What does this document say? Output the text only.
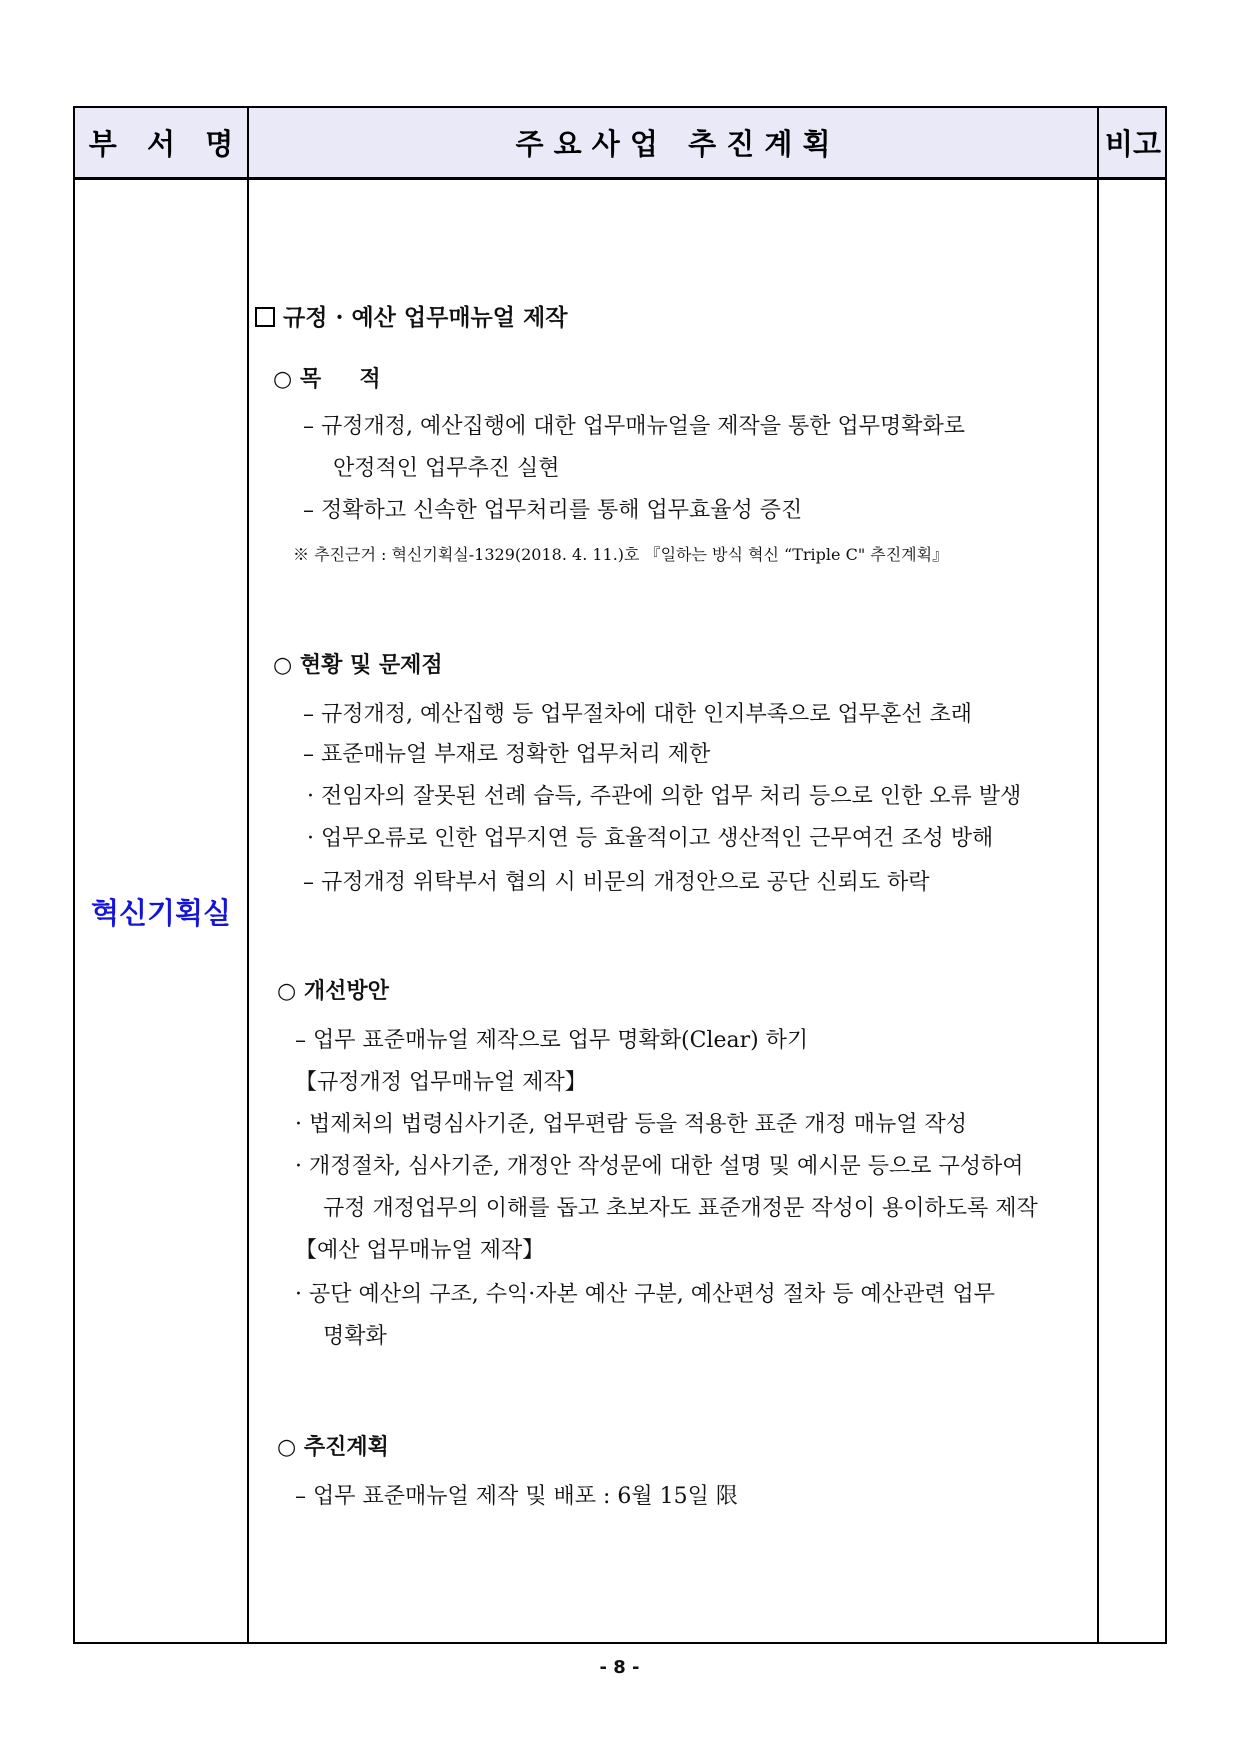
부   서   명	주 요 사 업   추 진 계 획	비고
혁신기획실
규정 · 예산 업무매뉴얼 제작
○ 목     적
– 규정개정, 예산집행에 대한 업무매뉴얼을 제작을 통한 업무명확화로
안정적인 업무추진 실현
– 정확하고 신속한 업무처리를 통해 업무효율성 증진
※ 추진근거 : 혁신기획실-1329(2018. 4. 11.)호 『일하는 방식 혁신 “Triple C" 추진계획』
○ 현황 및 문제점
– 규정개정, 예산집행 등 업무절차에 대한 인지부족으로 업무혼선 초래
– 표준매뉴얼 부재로 정확한 업무처리 제한
· 전임자의 잘못된 선례 습득, 주관에 의한 업무 처리 등으로 인한 오류 발생
· 업무오류로 인한 업무지연 등 효율적이고 생산적인 근무여건 조성 방해
– 규정개정 위탁부서 협의 시 비문의 개정안으로 공단 신뢰도 하락
○ 개선방안
– 업무 표준매뉴얼 제작으로 업무 명확화(Clear) 하기
【규정개정 업무매뉴얼 제작】
· 법제처의 법령심사기준, 업무편람 등을 적용한 표준 개정 매뉴얼 작성
· 개정절차, 심사기준, 개정안 작성문에 대한 설명 및 예시문 등으로 구성하여
규정 개정업무의 이해를 돕고 초보자도 표준개정문 작성이 용이하도록 제작
【예산 업무매뉴얼 제작】
· 공단 예산의 구조, 수익·자본 예산 구분, 예산편성 절차 등 예산관련 업무
명확화
○ 추진계획
– 업무 표준매뉴얼 제작 및 배포 : 6월 15일 限
- 8 -
